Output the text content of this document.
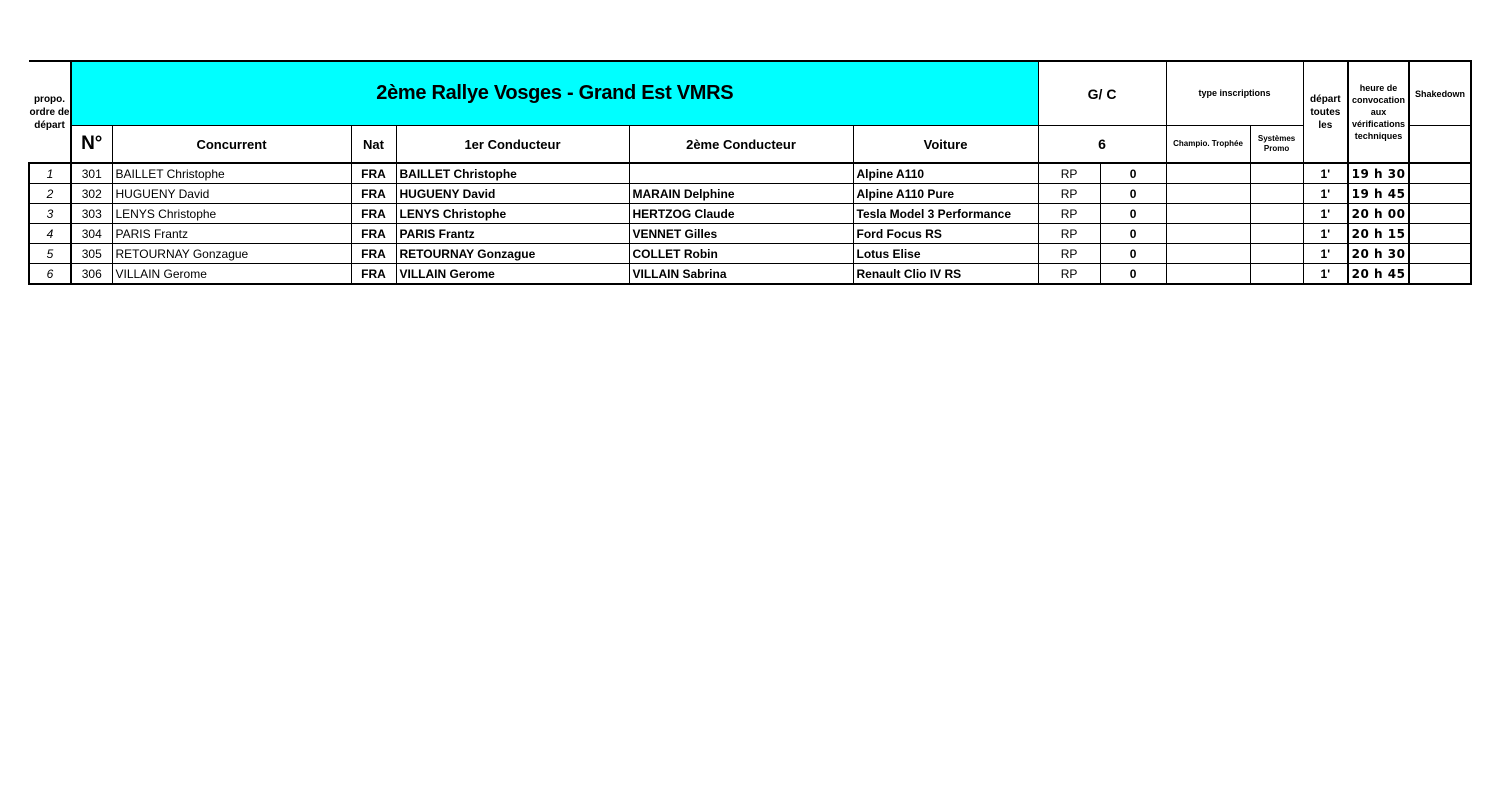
propo. ordre de départ	2ème Rallye Vosges - Grand Est VMRS						G/ C		type inscriptions		départ toutes les	heure de convocation aux vérifications techniques	Shakedown
	N°	Concurrent	Nat	1er Conducteur	2ème Conducteur	Voiture	6		Champio. Trophée	Systèmes Promo			
1	301	BAILLET Christophe	FRA	BAILLET Christophe		Alpine A110	RP	0			1'	19 h 30	
2	302	HUGUENY David	FRA	HUGUENY David	MARAIN Delphine	Alpine A110 Pure	RP	0			1'	19 h 45	
3	303	LENYS Christophe	FRA	LENYS Christophe	HERTZOG Claude	Tesla Model 3 Performance	RP	0			1'	20 h 00	
4	304	PARIS Frantz	FRA	PARIS Frantz	VENNET Gilles	Ford Focus RS	RP	0			1'	20 h 15	
5	305	RETOURNAY Gonzague	FRA	RETOURNAY Gonzague	COLLET Robin	Lotus Elise	RP	0			1'	20 h 30	
6	306	VILLAIN Gerome	FRA	VILLAIN Gerome	VILLAIN Sabrina	Renault Clio IV RS	RP	0			1'	20 h 45	
